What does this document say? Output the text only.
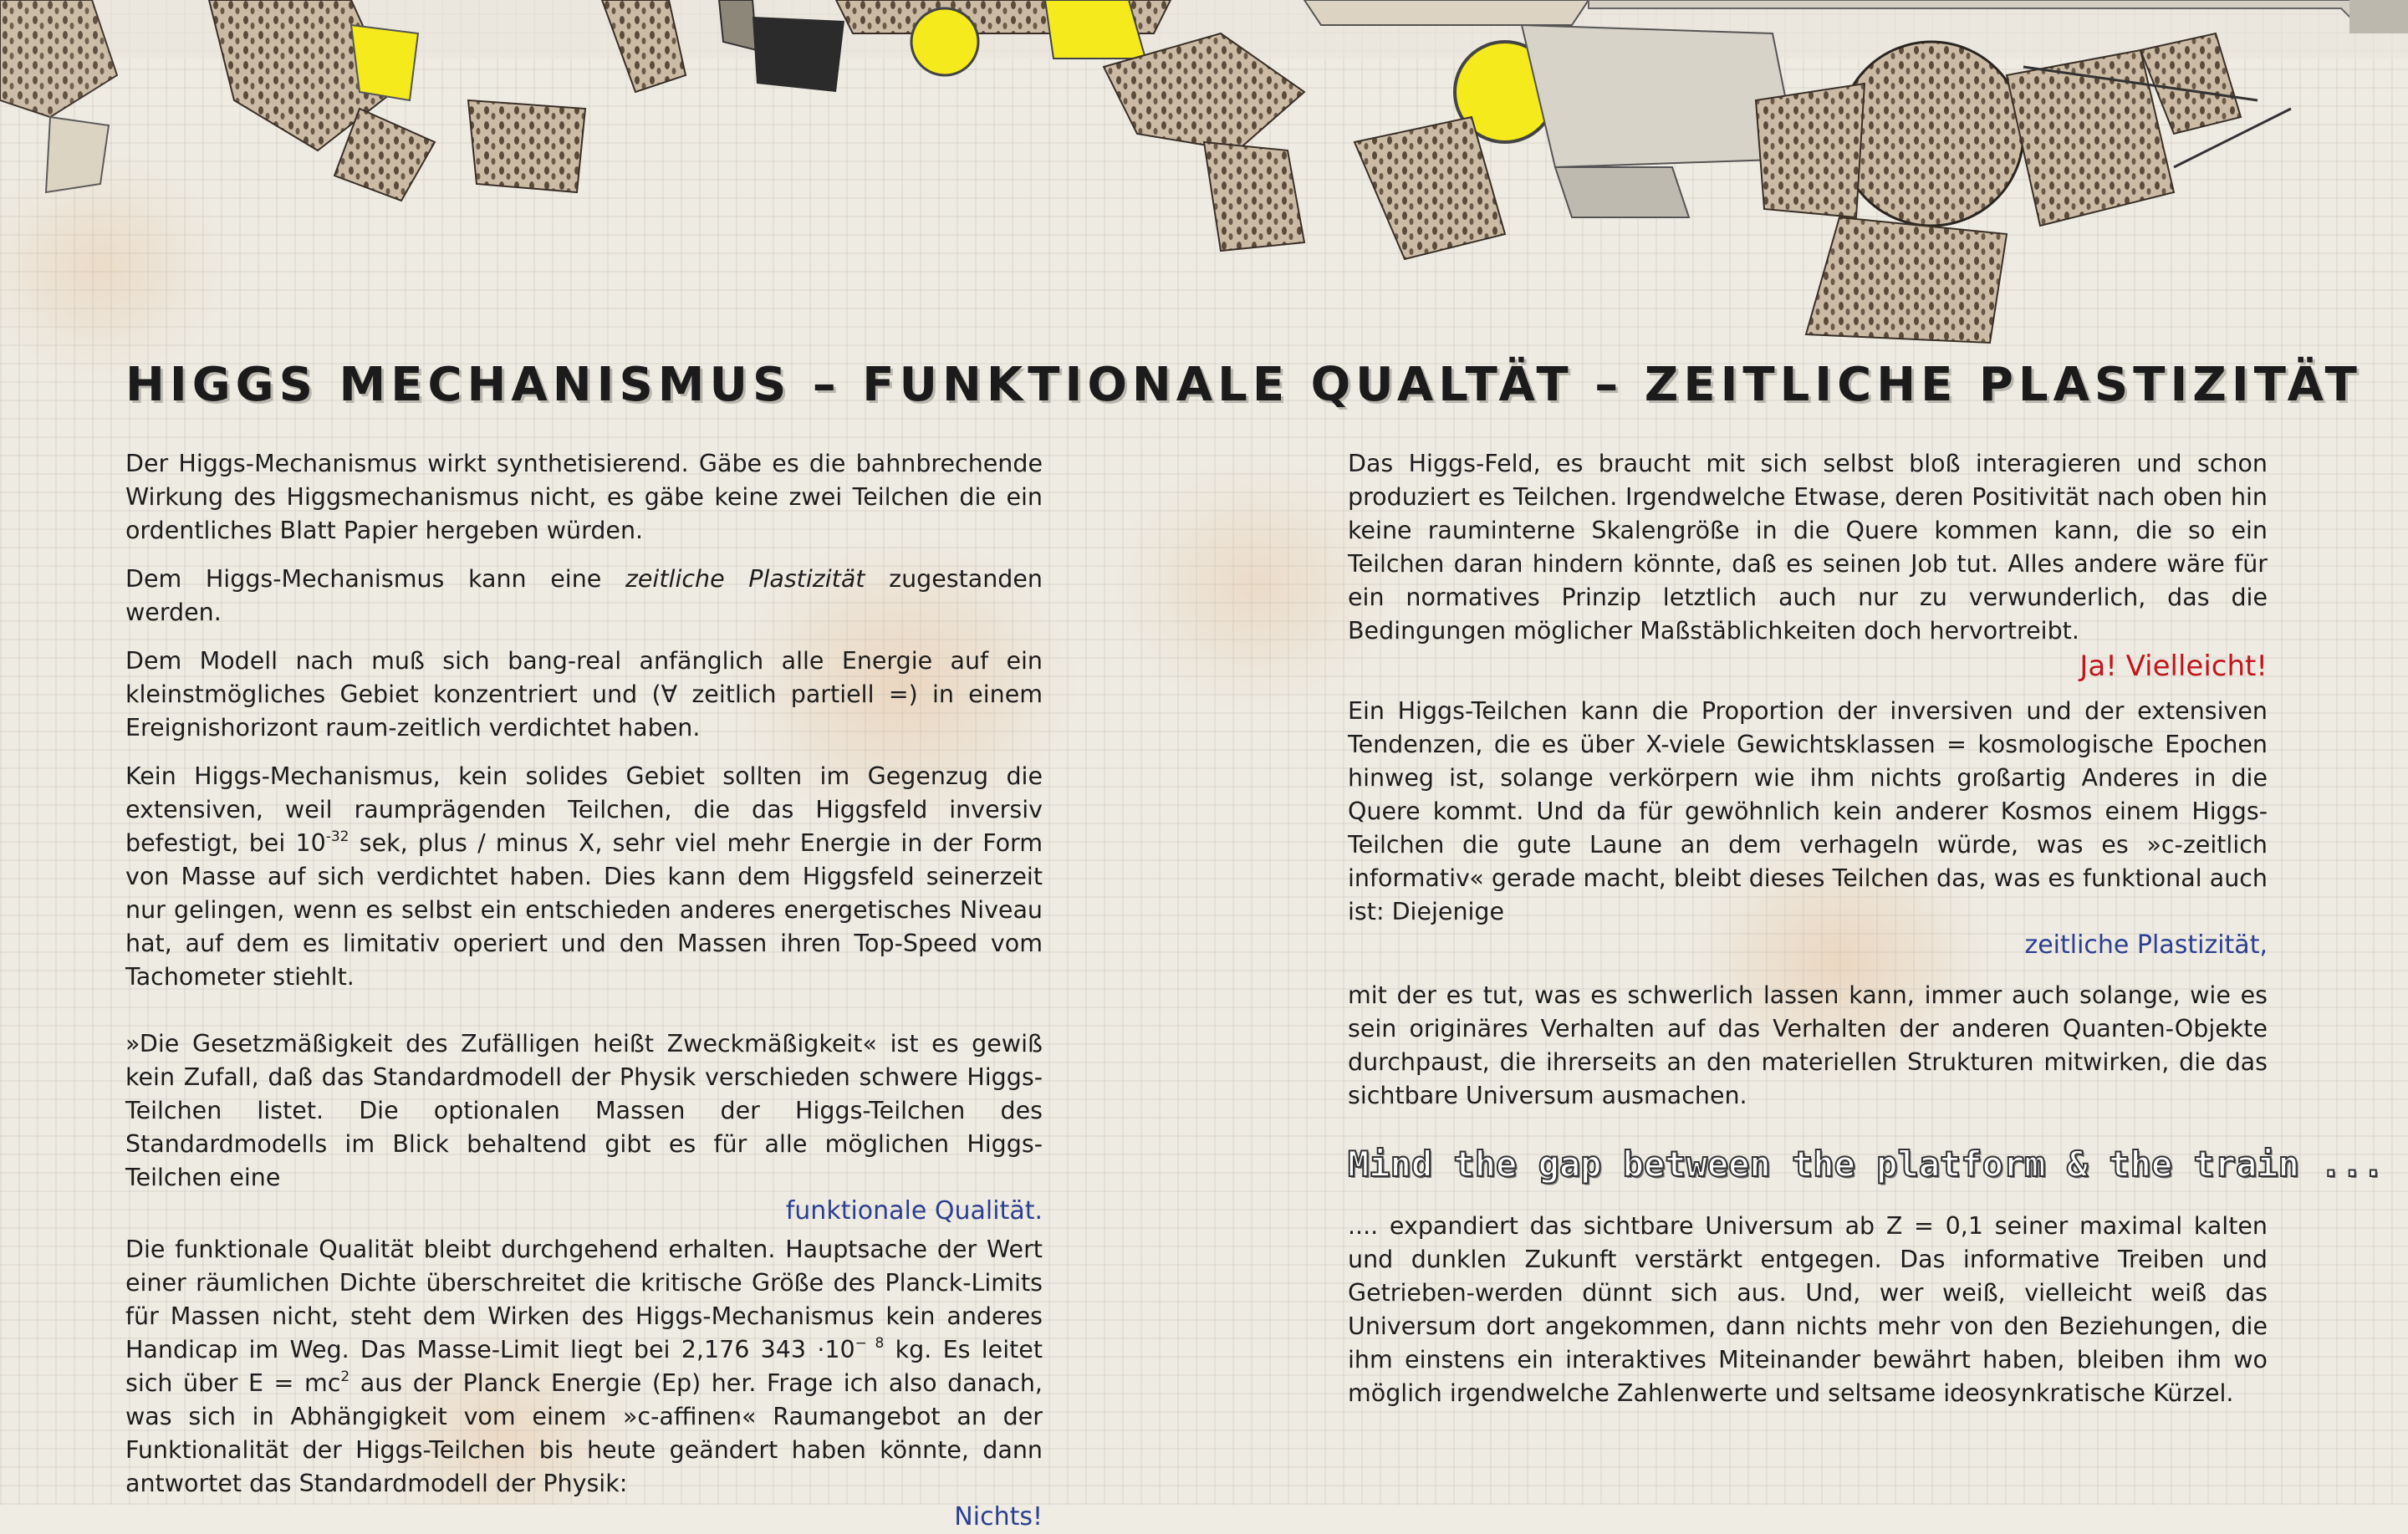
HIGGS MECHANISMUS – FUNKTIONALE QUALTÄT – ZEITLICHE PLASTIZITÄT

Der Higgs-Mechanismus wirkt synthetisierend. Gäbe es die bahnbrechende Wirkung des Higgsmechanismus nicht, es gäbe keine zwei Teilchen die ein ordentliches Blatt Papier hergeben würden.

Dem Higgs-Mechanismus kann eine zeitliche Plastizität zugestanden werden.

Dem Modell nach muß sich bang-real anfänglich alle Energie auf ein kleinstmögliches Gebiet konzentriert und (∀ zeitlich partiell =) in einem Ereignishorizont raum-zeitlich verdichtet haben.

Kein Higgs-Mechanismus, kein solides Gebiet sollten im Gegenzug die extensiven, weil raumprägenden Teilchen, die das Higgsfeld inversiv befestigt, bei $10^{-32}$ sek, plus / minus X, sehr viel mehr Energie in der Form von Masse auf sich verdichtet haben. Dies kann dem Higgsfeld seinerzeit nur gelingen, wenn es selbst ein entschieden anderes energetisches Niveau hat, auf dem es limitativ operiert und den Massen ihren Top-Speed vom Tachometer stiehlt.

»Die Gesetzmäßigkeit des Zufälligen heißt Zweckmäßigkeit« ist es gewiß kein Zufall, daß das Standardmodell der Physik verschieden schwere Higgs-Teilchen listet. Die optionalen Massen der Higgs-Teilchen des Standardmodells im Blick behaltend gibt es für alle möglichen Higgs-Teilchen eine

funktionale Qualität.

Die funktionale Qualität bleibt durchgehend erhalten. Hauptsache der Wert einer räumlichen Dichte überschreitet die kritische Größe des Planck-Limits für Massen nicht, steht dem Wirken des Higgs-Mechanismus kein anderes Handicap im Weg. Das Masse-Limit liegt bei 2,176 $343 \cdot 10^{- 8}$ kg. Es leitet sich über $E = mc^2$ aus der Planck Energie (Ep) her. Frage ich also danach, was sich in Abhängigkeit vom einem »c-affinen« Raumangebot an der Funktionalität der Higgs-Teilchen bis heute geändert haben könnte, dann antwortet das Standardmodell der Physik:

Nichts!

Das Higgs-Feld, es braucht mit sich selbst bloß interagieren und schon produziert es Teilchen. Irgendwelche Etwase, deren Positivität nach oben hin keine rauminterne Skalengröße in die Quere kommen kann, die so ein Teilchen daran hindern könnte, daß es seinen Job tut. Alles andere wäre für ein normatives Prinzip letztlich auch nur zu verwunderlich, das die Bedingungen möglicher Maßstäblichkeiten doch hervortreibt.

Ja! Vielleicht!

Ein Higgs-Teilchen kann die Proportion der inversiven und der extensiven Tendenzen, die es über X-viele Gewichtsklassen = kosmologische Epochen hinweg ist, solange verkörpern wie ihm nichts großartig Anderes in die Quere kommt. Und da für gewöhnlich kein anderer Kosmos einem Higgs-Teilchen die gute Laune an dem verhageln würde, was es »c-zeitlich informativ« gerade macht, bleibt dieses Teilchen das, was es funktional auch ist: Diejenige

zeitliche Plastizität,

mit der es tut, was es schwerlich lassen kann, immer auch solange, wie es sein originäres Verhalten auf das Verhalten der anderen Quanten-Objekte durchpaust, die ihrerseits an den materiellen Strukturen mitwirken, die das sichtbare Universum ausmachen.

Mind the gap between the platform & the train ...

.... expandiert das sichtbare Universum ab Z = 0,1 seiner maximal kalten und dunklen Zukunft verstärkt entgegen. Das informative Treiben und Getrieben-werden dünnt sich aus. Und, wer weiß, vielleicht weiß das Universum dort angekommen, dann nichts mehr von den Beziehungen, die ihm einstens ein interaktives Miteinander bewährt haben, bleiben ihm wo möglich irgendwelche Zahlenwerte und seltsame ideosynkratische Kürzel.
